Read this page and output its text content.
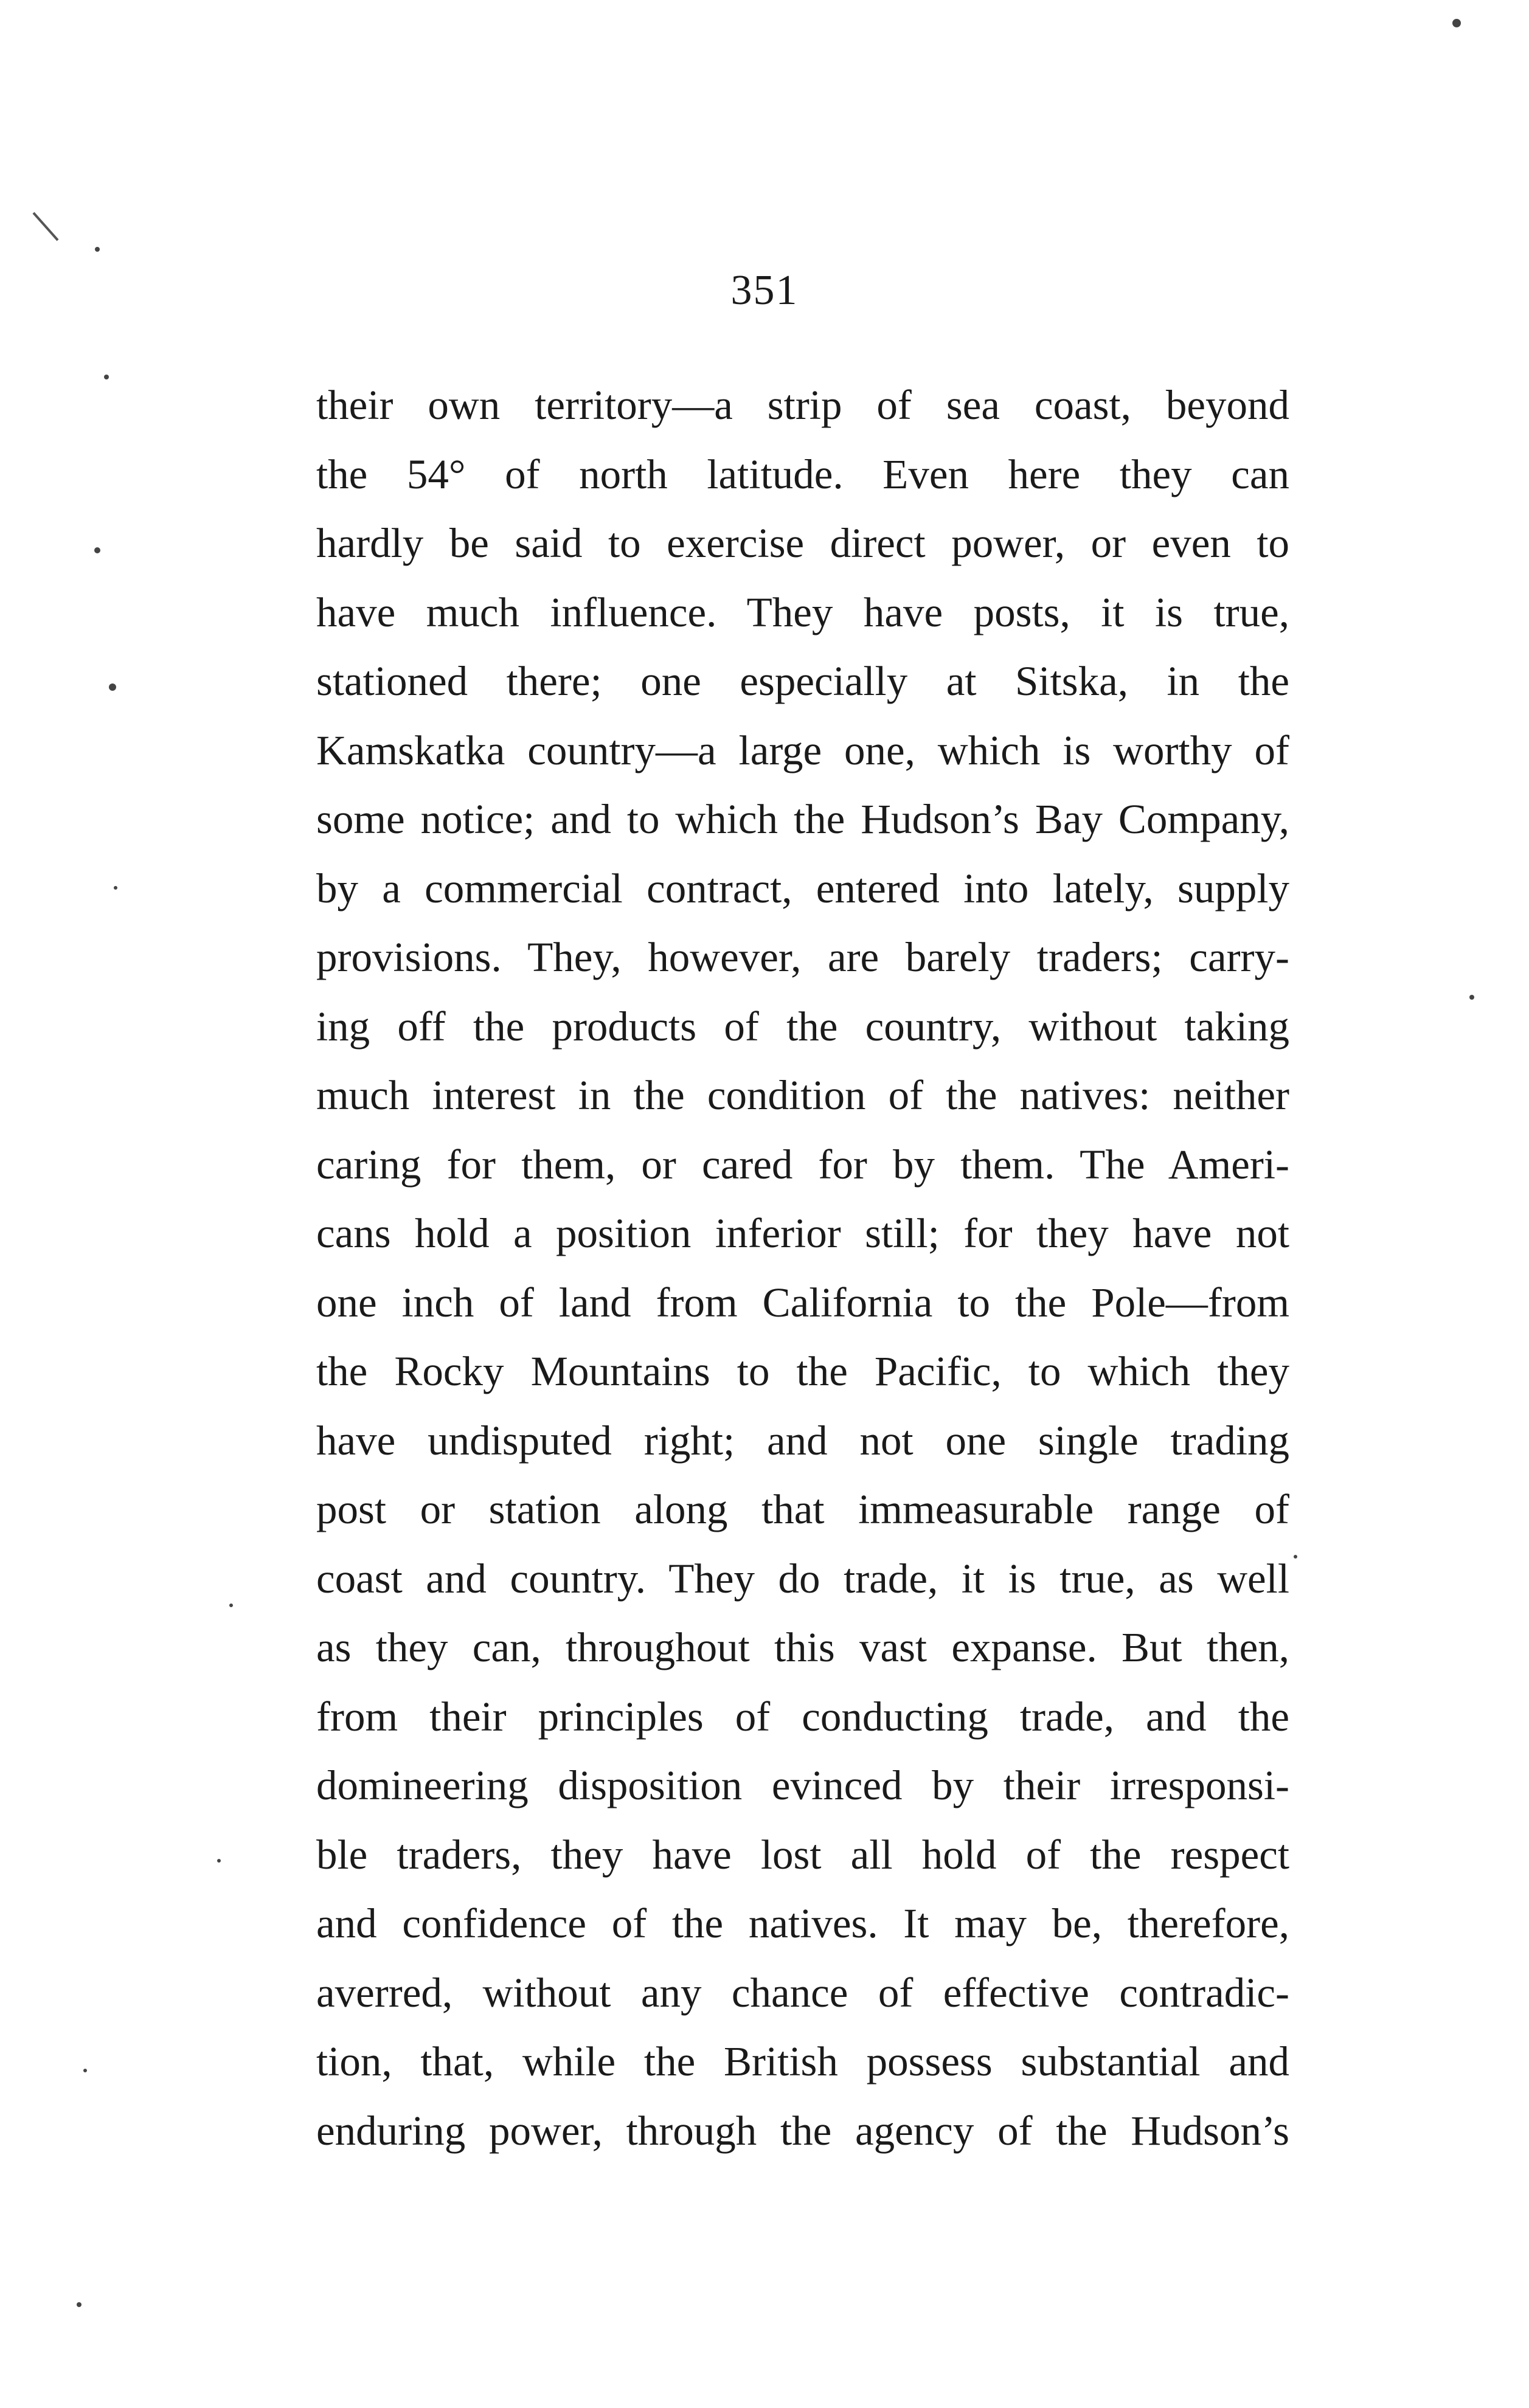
351
their own territory—a strip of sea coast, beyond
the 54° of north latitude. Even here they can
hardly be said to exercise direct power, or even to
have much influence. They have posts, it is true,
stationed there; one especially at Sitska, in the
Kamskatka country—a large one, which is worthy of
some notice; and to which the Hudson’s Bay Company,
by a commercial contract, entered into lately, supply
provisions. They, however, are barely traders; carry-
ing off the products of the country, without taking
much interest in the condition of the natives: neither
caring for them, or cared for by them. The Ameri-
cans hold a position inferior still; for they have not
one inch of land from California to the Pole—from
the Rocky Mountains to the Pacific, to which they
have undisputed right; and not one single trading
post or station along that immeasurable range of
coast and country. They do trade, it is true, as well
as they can, throughout this vast expanse. But then,
from their principles of conducting trade, and the
domineering disposition evinced by their irresponsi-
ble traders, they have lost all hold of the respect
and confidence of the natives. It may be, therefore,
averred, without any chance of effective contradic-
tion, that, while the British possess substantial and
enduring power, through the agency of the Hudson’s
